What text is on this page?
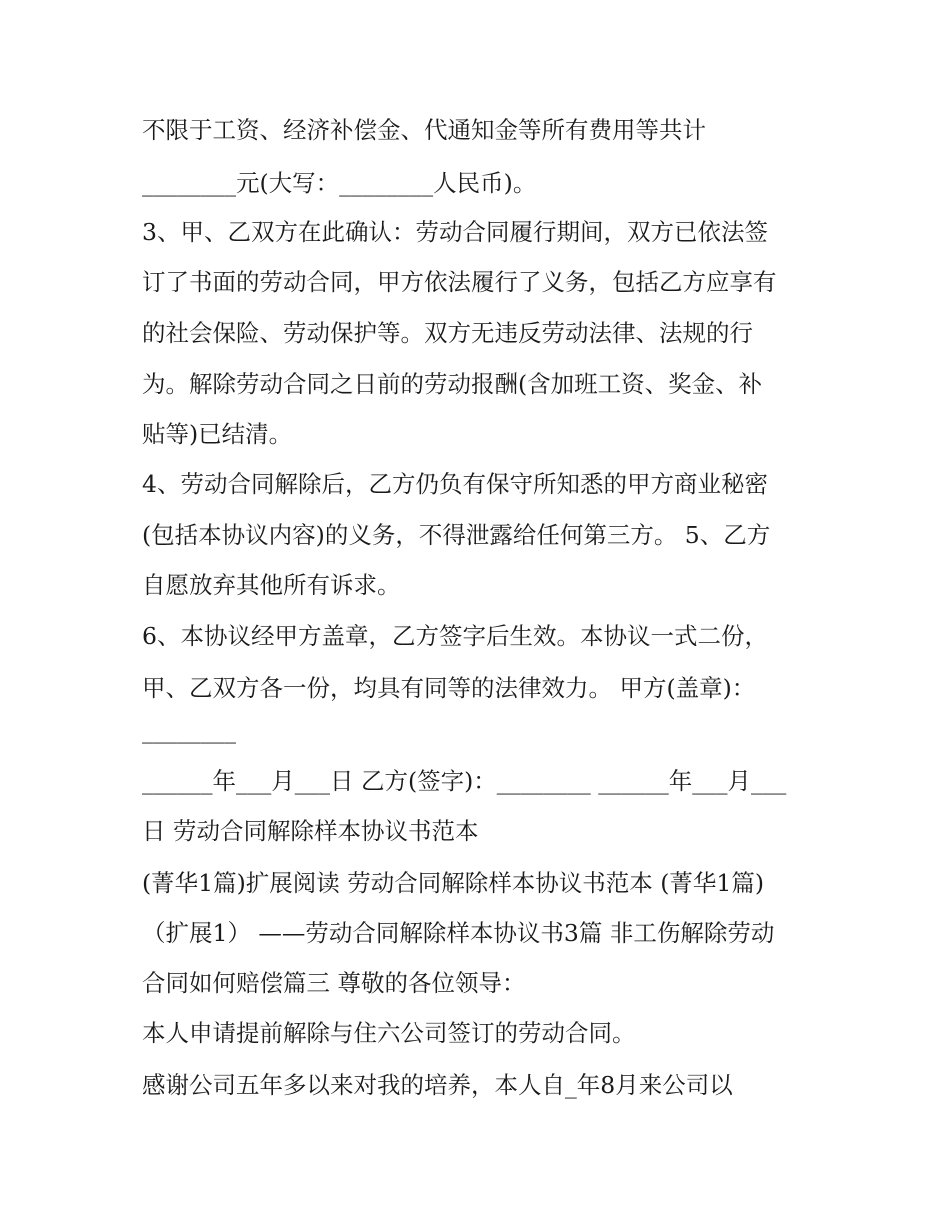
不限于工资、经济补偿金、代通知金等所有费用等共计
________元(大写：________人民币)。
3、甲、乙双方在此确认：劳动合同履行期间，双方已依法签
订了书面的劳动合同，甲方依法履行了义务，包括乙方应享有
的社会保险、劳动保护等。双方无违反劳动法律、法规的行
为。解除劳动合同之日前的劳动报酬(含加班工资、奖金、补
贴等)已结清。
4、劳动合同解除后，乙方仍负有保守所知悉的甲方商业秘密
(包括本协议内容)的义务，不得泄露给任何第三方。 5、乙方
自愿放弃其他所有诉求。
6、本协议经甲方盖章，乙方签字后生效。本协议一式二份，
甲、乙双方各一份，均具有同等的法律效力。 甲方(盖章)：
________
______年___月___日 乙方(签字)：________ ______年___月___
日 劳动合同解除样本协议书范本
(菁华1篇)扩展阅读 劳动合同解除样本协议书范本 (菁华1篇)
（扩展1） ——劳动合同解除样本协议书3篇 非工伤解除劳动
合同如何赔偿篇三 尊敬的各位领导：
本人申请提前解除与住六公司签订的劳动合同。
感谢公司五年多以来对我的培养，本人自_年8月来公司以
